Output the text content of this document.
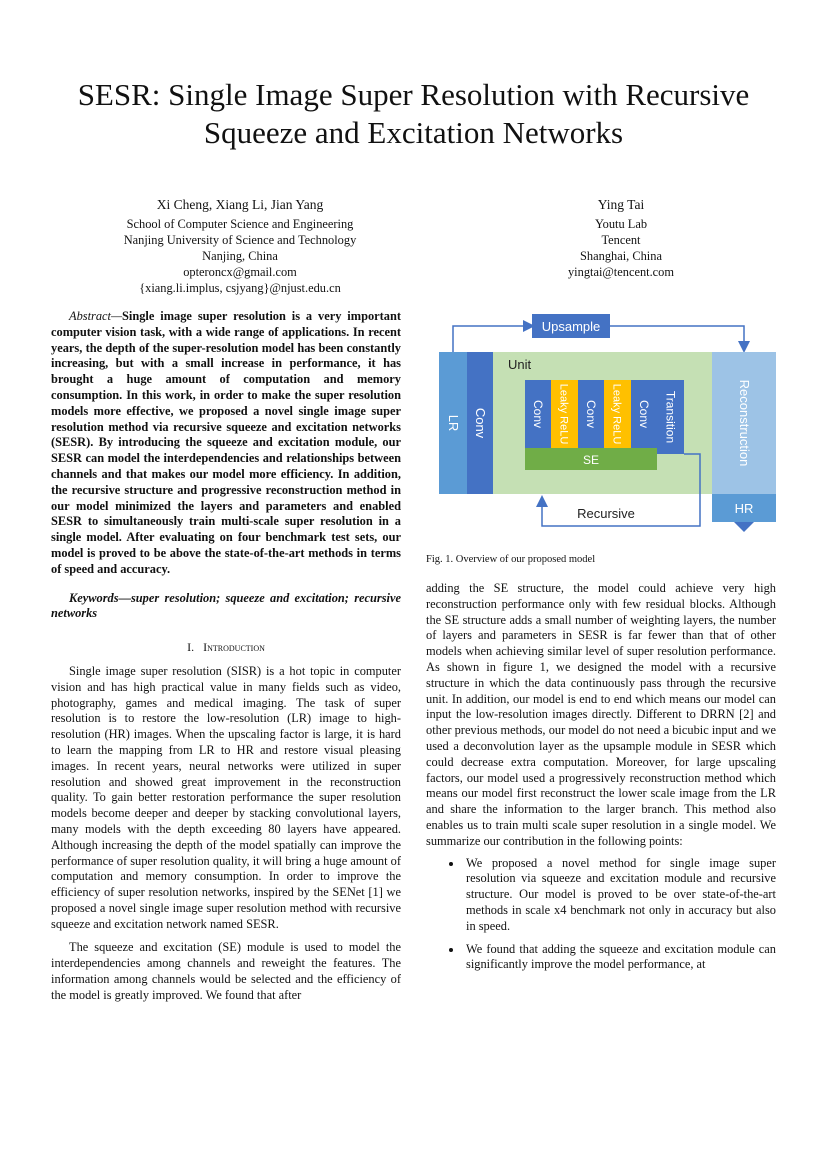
SESR: Single Image Super Resolution with Recursive
Squeeze and Excitation Networks
Xi Cheng, Xiang Li, Jian Yang
School of Computer Science and Engineering
Nanjing University of Science and Technology
Nanjing, China
opteroncx@gmail.com
{xiang.li.implus, csjyang}@njust.edu.cn
Ying Tai
Youtu Lab
Tencent
Shanghai, China
yingtai@tencent.com

Abstract—Single image super resolution is a very important computer vision task, with a wide range of applications. In recent years, the depth of the super-resolution model has been constantly increasing, but with a small increase in performance, it has brought a huge amount of computation and memory consumption. In this work, in order to make the super resolution models more effective, we proposed a novel single image super resolution method via recursive squeeze and excitation networks (SESR). By introducing the squeeze and excitation module, our SESR can model the interdependencies and relationships between channels and that makes our model more efficiency. In addition, the recursive structure and progressive reconstruction method in our model minimized the layers and parameters and enabled SESR to simultaneously train multi-scale super resolution in a single model. After evaluating on four benchmark test sets, our model is proved to be above the state-of-the-art methods in terms of speed and accuracy.

Keywords—super resolution; squeeze and excitation; recursive networks

I. Introduction

Single image super resolution (SISR) is a hot topic in computer vision and has high practical value in many fields such as video, photography, games and medical imaging. The task of super resolution is to restore the low-resolution (LR) image to high-resolution (HR) images. When the upscaling factor is large, it is hard to learn the mapping from LR to HR and restore visual pleasing images. In recent years, neural networks were utilized in super resolution and showed great improvement in the reconstruction quality. To gain better restoration performance the super resolution models become deeper and deeper by stacking convolutional layers, many models with the depth exceeding 80 layers have appeared. Although increasing the depth of the model spatially can improve the performance of super resolution quality, it will bring a huge amount of computation and memory consumption. In order to improve the efficiency of super resolution networks, inspired by the SENet [1] we proposed a novel single image super resolution method with recursive squeeze and excitation network named SESR.

The squeeze and excitation (SE) module is used to model the interdependencies among channels and reweight the features. The information among channels would be selected and the efficiency of the model is greatly improved. We found that after

Upsample
LR Conv
Unit
Conv Leaky ReLU Conv Leaky ReLU Conv Transition
SE	Reconstruction
HR
Recursive
Fig. 1. Overview of our proposed model

adding the SE structure, the model could achieve very high reconstruction performance only with few residual blocks. Although the SE structure adds a small number of weighting layers, the number of layers and parameters in SESR is far fewer than that of other models when achieving similar level of super resolution performance. As shown in figure 1, we designed the model with a recursive structure in which the data continuously pass through the recursive unit. In addition, our model is end to end which means our model can input the low-resolution images directly. Different to DRRN [2] and other previous methods, our model do not need a bicubic input and we used a deconvolution layer as the upsample module in SESR which could decrease extra computation. Moreover, for large upscaling factors, our model used a progressively reconstruction method which means our model first reconstruct the lower scale image from the LR and share the information to the larger branch. This method also enables us to train multi scale super resolution in a single model. We summarize our contribution in the following points:

• We proposed a novel method for single image super resolution via squeeze and excitation module and recursive structure. Our model is proved to be over state-of-the-art methods in scale x4 benchmark not only in accuracy but also in speed.
• We found that adding the squeeze and excitation module can significantly improve the model performance, at
